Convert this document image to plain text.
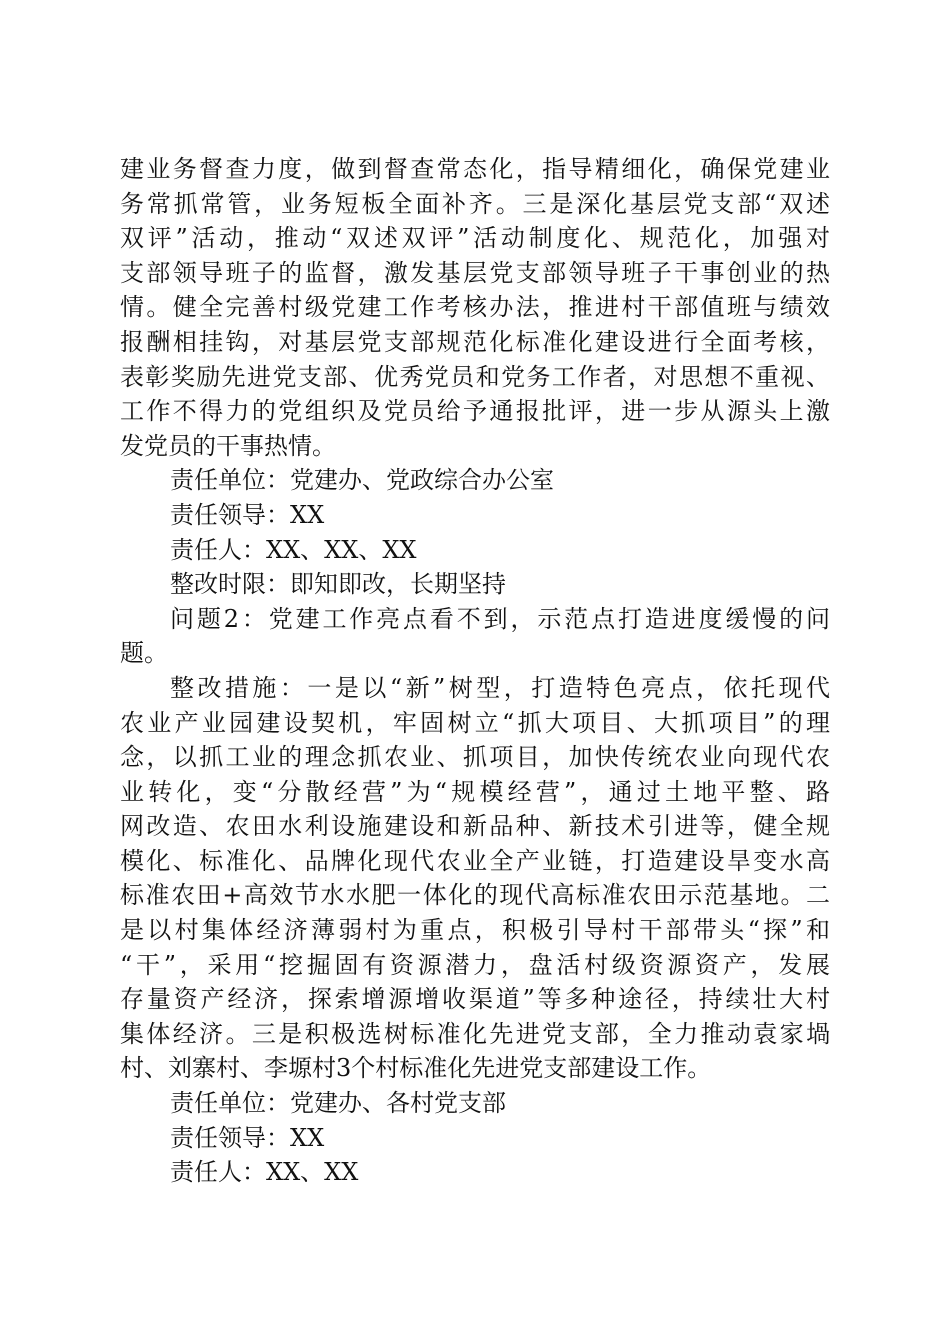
建业务督查力度，做到督查常态化，指导精细化，确保党建业
务常抓常管，业务短板全面补齐。三是深化基层党支部“双述
双评”活动，推动“双述双评”活动制度化、规范化，加强对
支部领导班子的监督，激发基层党支部领导班子干事创业的热
情。健全完善村级党建工作考核办法，推进村干部值班与绩效
报酬相挂钩，对基层党支部规范化标准化建设进行全面考核，
表彰奖励先进党支部、优秀党员和党务工作者，对思想不重视、
工作不得力的党组织及党员给予通报批评，进一步从源头上激
发党员的干事热情。
责任单位：党建办、党政综合办公室
责任领导：XX
责任人：XX、XX、XX
整改时限：即知即改，长期坚持
问题2：党建工作亮点看不到，示范点打造进度缓慢的问
题。
整改措施：一是以“新”树型，打造特色亮点，依托现代
农业产业园建设契机，牢固树立“抓大项目、大抓项目”的理
念，以抓工业的理念抓农业、抓项目，加快传统农业向现代农
业转化，变“分散经营”为“规模经营”，通过土地平整、路
网改造、农田水利设施建设和新品种、新技术引进等，健全规
模化、标准化、品牌化现代农业全产业链，打造建设旱变水高
标准农田+高效节水水肥一体化的现代高标准农田示范基地。二
是以村集体经济薄弱村为重点，积极引导村干部带头“探”和
“干”，采用“挖掘固有资源潜力，盘活村级资源资产，发展
存量资产经济，探索增源增收渠道”等多种途径，持续壮大村
集体经济。三是积极选树标准化先进党支部，全力推动袁家堝
村、刘寨村、李塬村3个村标准化先进党支部建设工作。
责任单位：党建办、各村党支部
责任领导：XX
责任人：XX、XX
